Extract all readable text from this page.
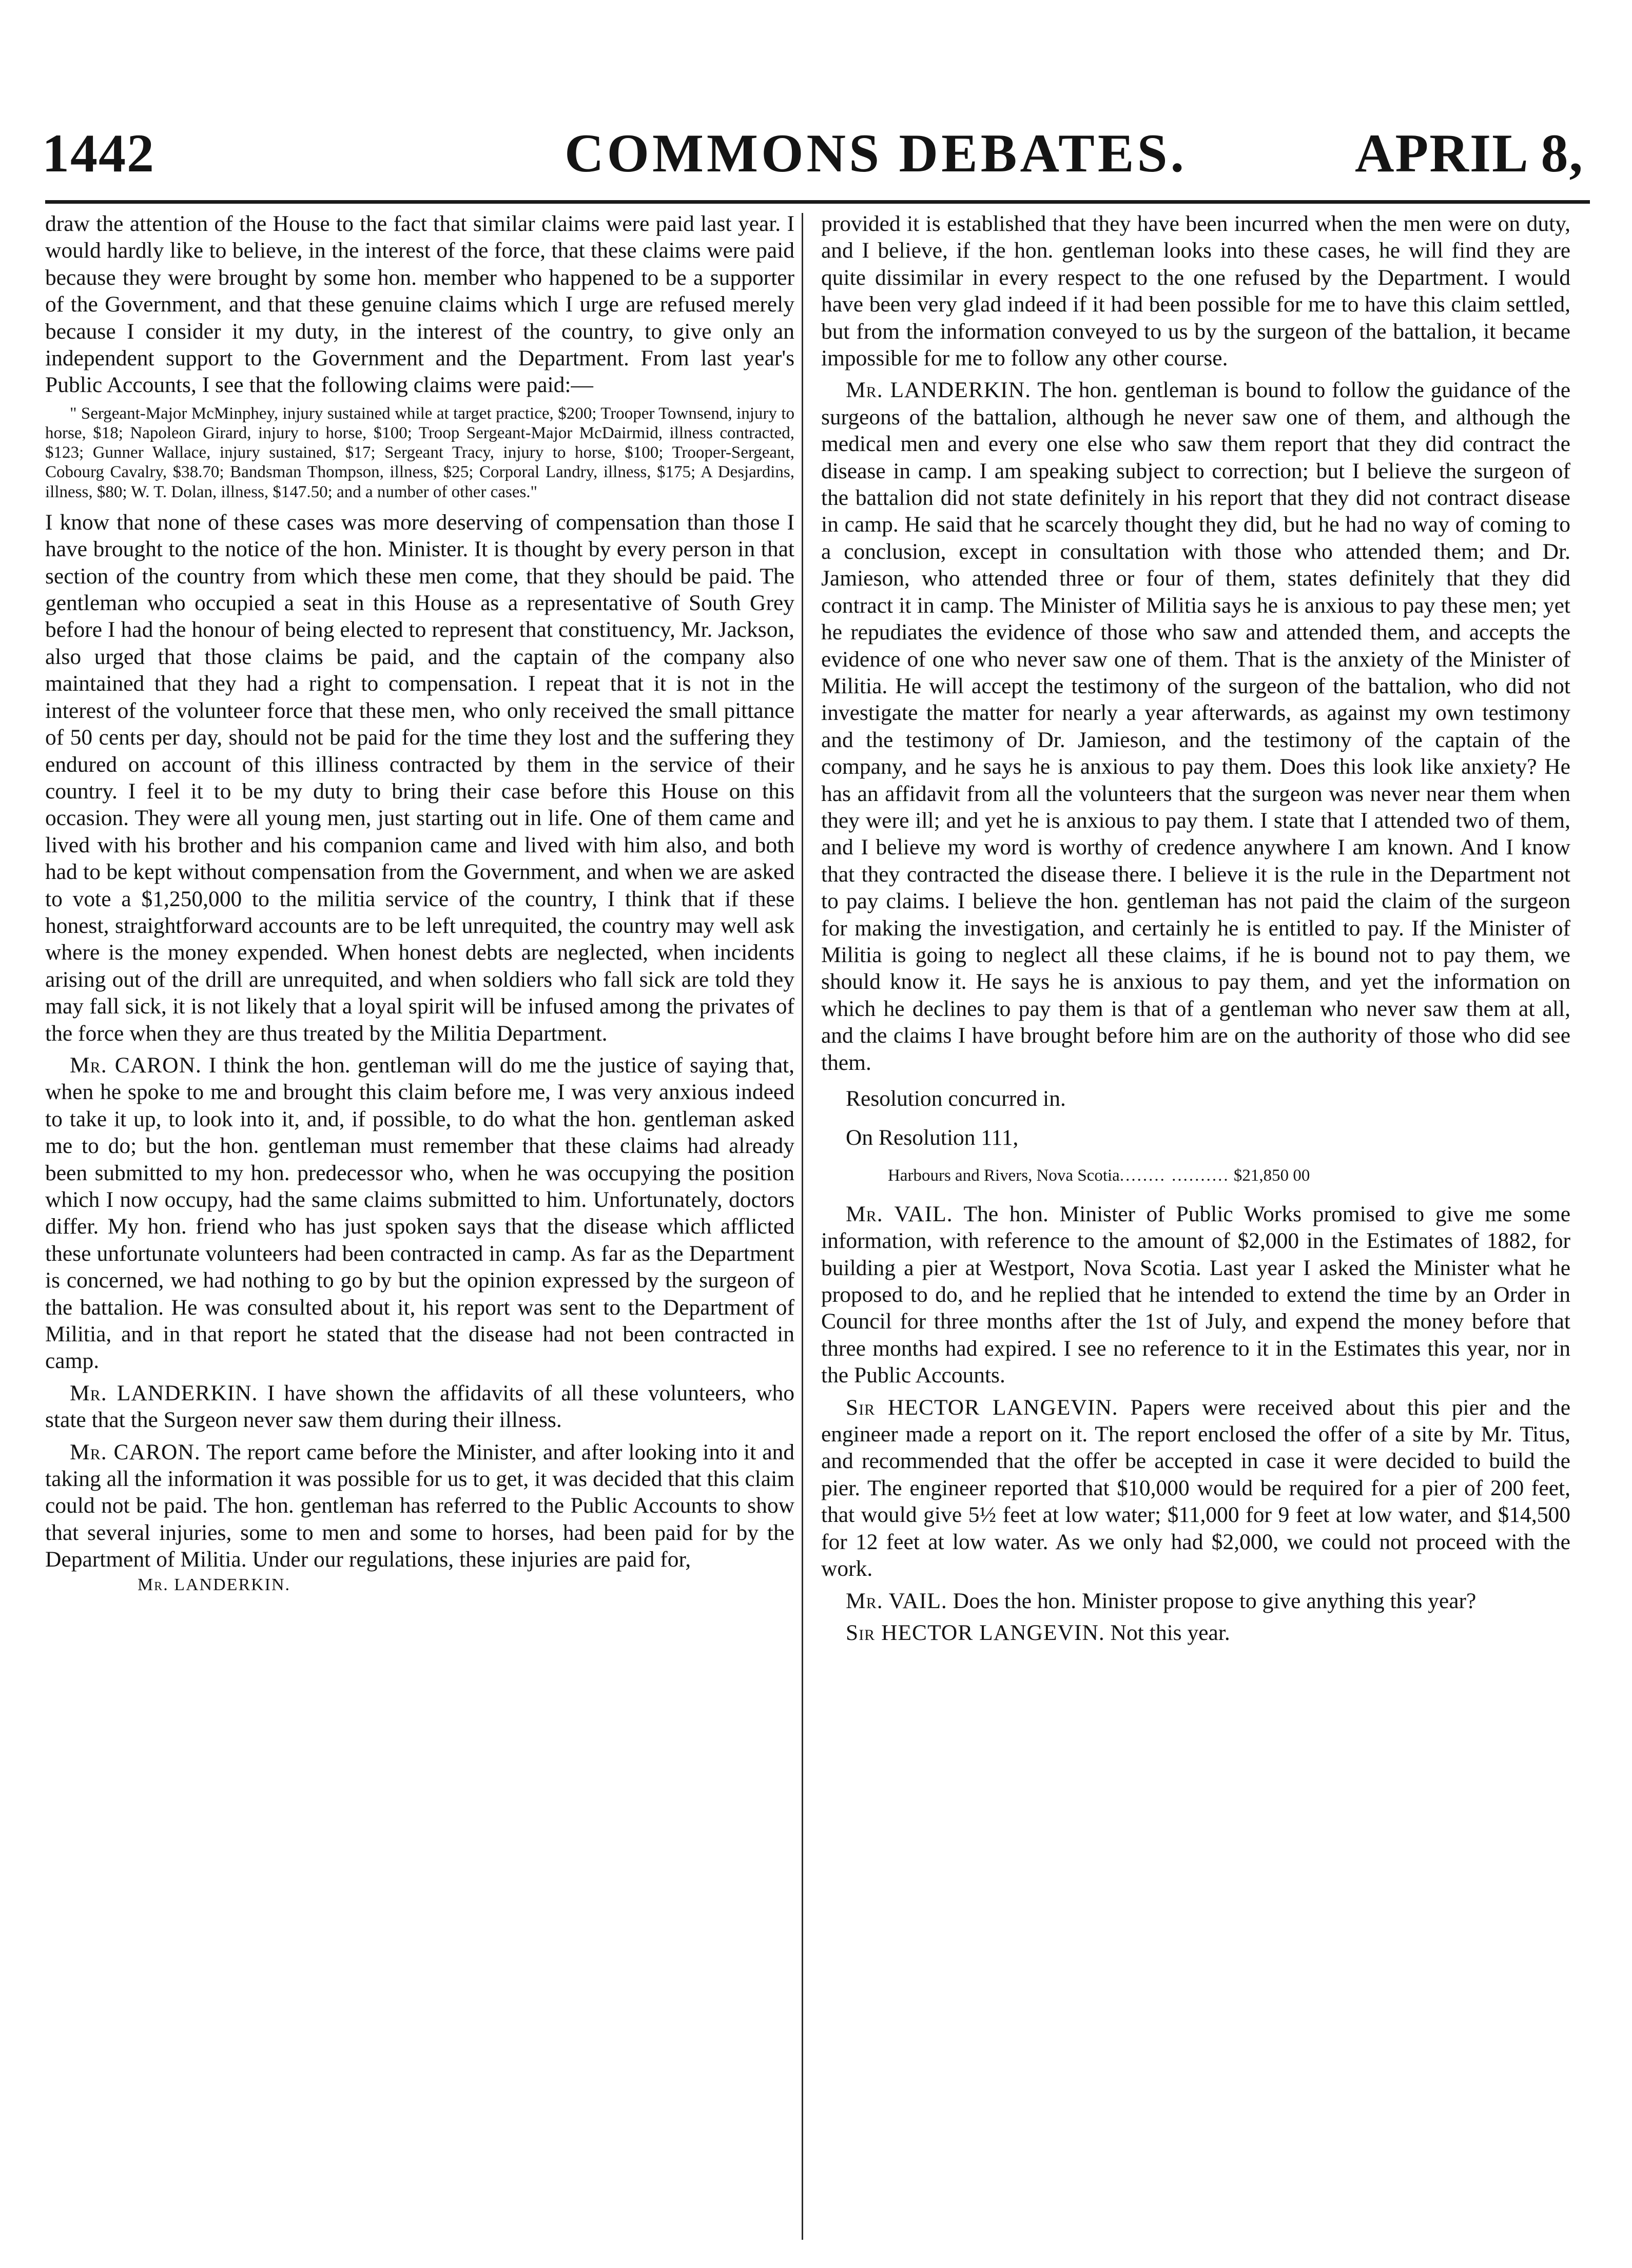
1442	COMMONS DEBATES.	APRIL 8,

draw the attention of the House to the fact that similar claims were paid last year. I would hardly like to believe, in the interest of the force, that these claims were paid because they were brought by some hon. member who happened to be a supporter of the Government, and that these genuine claims which I urge are refused merely because I consider it my duty, in the interest of the country, to give only an independent support to the Government and the Department. From last year's Public Accounts, I see that the following claims were paid:—

" Sergeant-Major McMinphey, injury sustained while at target practice, $200; Trooper Townsend, injury to horse, $18; Napoleon Girard, injury to horse, $100; Troop Sergeant-Major McDairmid, illness contracted, $123; Gunner Wallace, injury sustained, $17; Sergeant Tracy, injury to horse, $100; Trooper-Sergeant, Cobourg Cavalry, $38.70; Bandsman Thompson, illness, $25; Corporal Landry, illness, $175; A Desjardins, illness, $80; W. T. Dolan, illness, $147.50; and a number of other cases."

I know that none of these cases was more deserving of compensation than those I have brought to the notice of the hon. Minister. It is thought by every person in that section of the country from which these men come, that they should be paid. The gentleman who occupied a seat in this House as a representative of South Grey before I had the honour of being elected to represent that constituency, Mr. Jackson, also urged that those claims be paid, and the captain of the company also maintained that they had a right to compensation. I repeat that it is not in the interest of the volunteer force that these men, who only received the small pittance of 50 cents per day, should not be paid for the time they lost and the suffering they endured on account of this illiness contracted by them in the service of their country. I feel it to be my duty to bring their case before this House on this occasion. They were all young men, just starting out in life. One of them came and lived with his brother and his companion came and lived with him also, and both had to be kept without compensation from the Government, and when we are asked to vote a $1,250,000 to the militia service of the country, I think that if these honest, straightforward accounts are to be left unrequited, the country may well ask where is the money expended. When honest debts are neglected, when incidents arising out of the drill are unrequited, and when soldiers who fall sick are told they may fall sick, it is not likely that a loyal spirit will be infused among the privates of the force when they are thus treated by the Militia Department.

Mr. CARON. I think the hon. gentleman will do me the justice of saying that, when he spoke to me and brought this claim before me, I was very anxious indeed to take it up, to look into it, and, if possible, to do what the hon. gentleman asked me to do; but the hon. gentleman must remember that these claims had already been submitted to my hon. predecessor who, when he was occupying the position which I now occupy, had the same claims submitted to him. Unfortunately, doctors differ. My hon. friend who has just spoken says that the disease which afflicted these unfortunate volunteers had been contracted in camp. As far as the Department is concerned, we had nothing to go by but the opinion expressed by the surgeon of the battalion. He was consulted about it, his report was sent to the Department of Militia, and in that report he stated that the disease had not been contracted in camp.

Mr. LANDERKIN. I have shown the affidavits of all these volunteers, who state that the Surgeon never saw them during their illness.

Mr. CARON. The report came before the Minister, and after looking into it and taking all the information it was possible for us to get, it was decided that this claim could not be paid. The hon. gentleman has referred to the Public Accounts to show that several injuries, some to men and some to horses, had been paid for by the Department of Militia. Under our regulations, these injuries are paid for,

Mr. LANDERKIN.

provided it is established that they have been incurred when the men were on duty, and I believe, if the hon. gentleman looks into these cases, he will find they are quite dissimilar in every respect to the one refused by the Department. I would have been very glad indeed if it had been possible for me to have this claim settled, but from the information conveyed to us by the surgeon of the battalion, it became impossible for me to follow any other course.

Mr. LANDERKIN. The hon. gentleman is bound to follow the guidance of the surgeons of the battalion, although he never saw one of them, and although the medical men and every one else who saw them report that they did contract the disease in camp. I am speaking subject to correction; but I believe the surgeon of the battalion did not state definitely in his report that they did not contract disease in camp. He said that he scarcely thought they did, but he had no way of coming to a conclusion, except in consultation with those who attended them; and Dr. Jamieson, who attended three or four of them, states definitely that they did contract it in camp. The Minister of Militia says he is anxious to pay these men; yet he repudiates the evidence of those who saw and attended them, and accepts the evidence of one who never saw one of them. That is the anxiety of the Minister of Militia. He will accept the testimony of the surgeon of the battalion, who did not investigate the matter for nearly a year afterwards, as against my own testimony and the testimony of Dr. Jamieson, and the testimony of the captain of the company, and he says he is anxious to pay them. Does this look like anxiety? He has an affidavit from all the volunteers that the surgeon was never near them when they were ill; and yet he is anxious to pay them. I state that I attended two of them, and I believe my word is worthy of credence anywhere I am known. And I know that they contracted the disease there. I believe it is the rule in the Department not to pay claims. I believe the hon. gentleman has not paid the claim of the surgeon for making the investigation, and certainly he is entitled to pay. If the Minister of Militia is going to neglect all these claims, if he is bound not to pay them, we should know it. He says he is anxious to pay them, and yet the information on which he declines to pay them is that of a gentleman who never saw them at all, and the claims I have brought before him are on the authority of those who did see them.

Resolution concurred in.
On Resolution 111,
Harbours and Rivers, Nova Scotia........ .......... $21,850 00

Mr. VAIL. The hon. Minister of Public Works promised to give me some information, with reference to the amount of $2,000 in the Estimates of 1882, for building a pier at Westport, Nova Scotia. Last year I asked the Minister what he proposed to do, and he replied that he intended to extend the time by an Order in Council for three months after the 1st of July, and expend the money before that three months had expired. I see no reference to it in the Estimates this year, nor in the Public Accounts.

Sir HECTOR LANGEVIN. Papers were received about this pier and the engineer made a report on it. The report enclosed the offer of a site by Mr. Titus, and recommended that the offer be accepted in case it were decided to build the pier. The engineer reported that $10,000 would be required for a pier of 200 feet, that would give 5½ feet at low water; $11,000 for 9 feet at low water, and $14,500 for 12 feet at low water. As we only had $2,000, we could not proceed with the work.

Mr. VAIL. Does the hon. Minister propose to give anything this year?

Sir HECTOR LANGEVIN. Not this year.
